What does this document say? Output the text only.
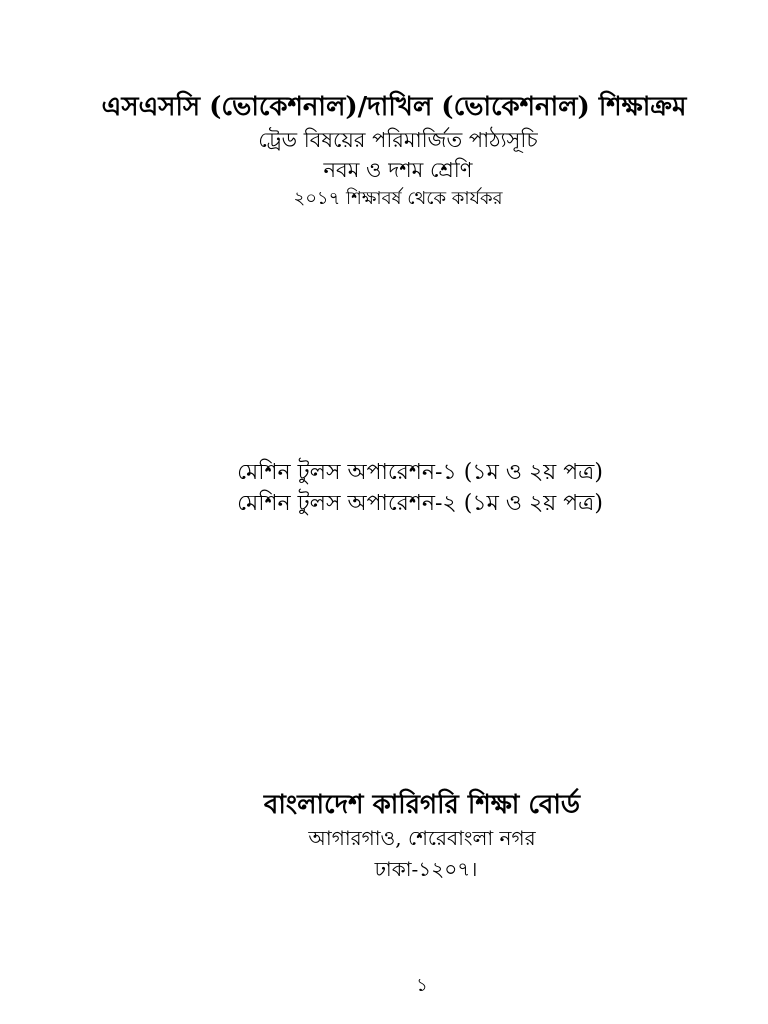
এসএসসি (ভোকেশনাল)/দাখিল (ভোকেশনাল) শিক্ষাক্রম
ট্রেড বিষয়ের পরিমার্জিত পাঠ্যসূচি
নবম ও দশম শ্রেণি
২০১৭ শিক্ষাবর্ষ থেকে কার্যকর
মেশিন টুলস অপারেশন-১ (১ম ও ২য় পত্র)
মেশিন টুলস অপারেশন-২ (১ম ও ২য় পত্র)
বাংলাদেশ কারিগরি শিক্ষা বোর্ড
আগারগাও, শেরেবাংলা নগর
ঢাকা-১২০৭।
১
